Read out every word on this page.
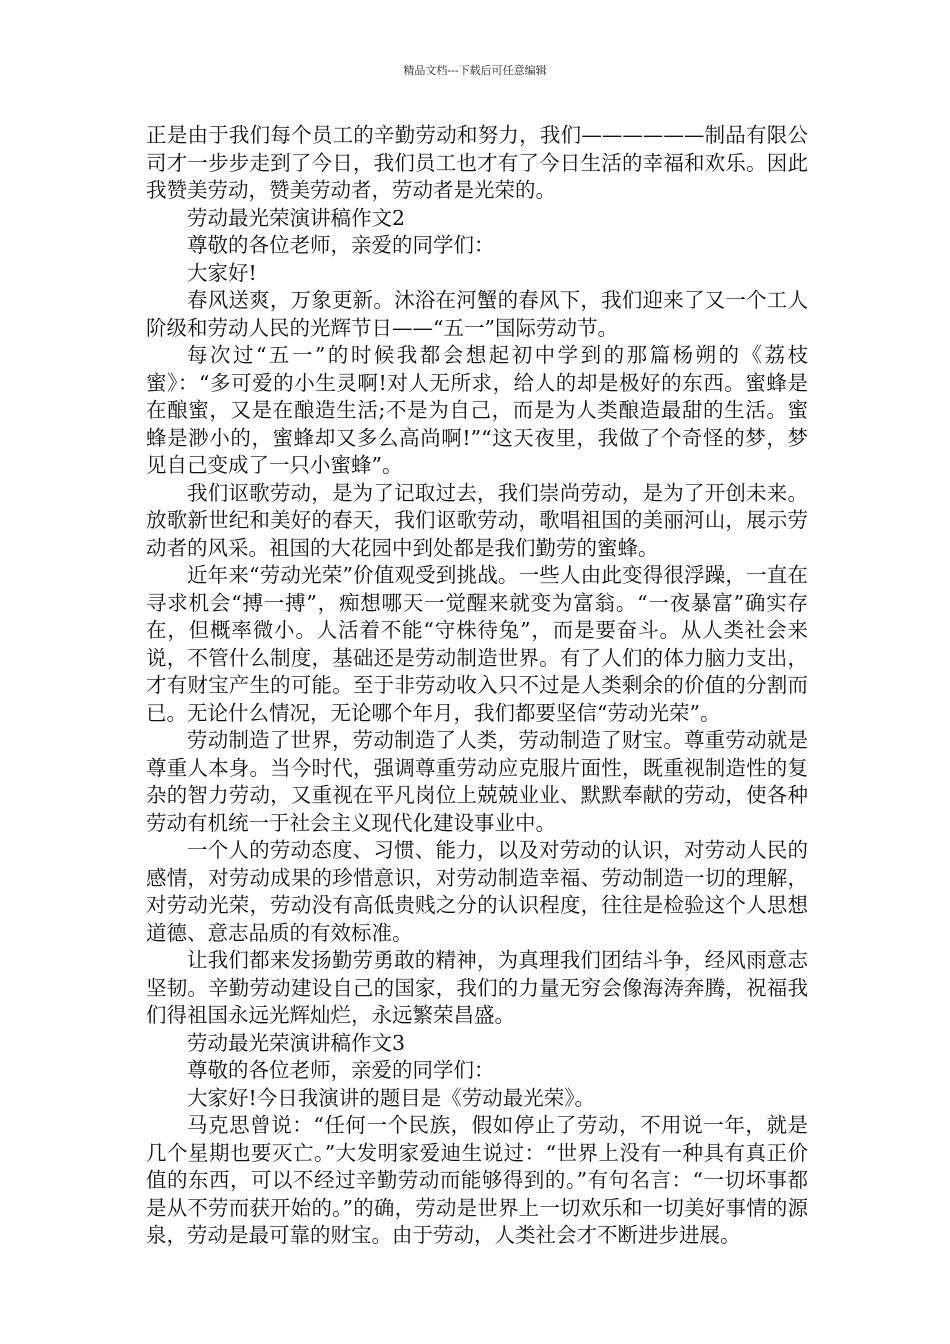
精品文档---下载后可任意编辑

正是由于我们每个员工的辛勤劳动和努力，我们——————制品有限公司才一步步走到了今日，我们员工也才有了今日生活的幸福和欢乐。因此我赞美劳动，赞美劳动者，劳动者是光荣的。

劳动最光荣演讲稿作文2

尊敬的各位老师，亲爱的同学们：

大家好!

春风送爽，万象更新。沐浴在河蟹的春风下，我们迎来了又一个工人阶级和劳动人民的光辉节日——“五一”国际劳动节。

每次过“五一”的时候我都会想起初中学到的那篇杨朔的《荔枝蜜》：“多可爱的小生灵啊!对人无所求，给人的却是极好的东西。蜜蜂是在酿蜜，又是在酿造生活;不是为自己，而是为人类酿造最甜的生活。蜜蜂是渺小的，蜜蜂却又多么高尚啊!”“这天夜里，我做了个奇怪的梦，梦见自己变成了一只小蜜蜂”。

我们讴歌劳动，是为了记取过去，我们崇尚劳动，是为了开创未来。放歌新世纪和美好的春天，我们讴歌劳动，歌唱祖国的美丽河山，展示劳动者的风采。祖国的大花园中到处都是我们勤劳的蜜蜂。

近年来“劳动光荣”价值观受到挑战。一些人由此变得很浮躁，一直在寻求机会“搏一搏”，痴想哪天一觉醒来就变为富翁。“一夜暴富”确实存在，但概率微小。人活着不能“守株待兔”，而是要奋斗。从人类社会来说，不管什么制度，基础还是劳动制造世界。有了人们的体力脑力支出，才有财宝产生的可能。至于非劳动收入只不过是人类剩余的价值的分割而已。无论什么情况，无论哪个年月，我们都要坚信“劳动光荣”。

劳动制造了世界，劳动制造了人类，劳动制造了财宝。尊重劳动就是尊重人本身。当今时代，强调尊重劳动应克服片面性，既重视制造性的复杂的智力劳动，又重视在平凡岗位上兢兢业业、默默奉献的劳动，使各种劳动有机统一于社会主义现代化建设事业中。

一个人的劳动态度、习惯、能力，以及对劳动的认识，对劳动人民的感情，对劳动成果的珍惜意识，对劳动制造幸福、劳动制造一切的理解，对劳动光荣，劳动没有高低贵贱之分的认识程度，往往是检验这个人思想道德、意志品质的有效标准。

让我们都来发扬勤劳勇敢的精神，为真理我们团结斗争，经风雨意志坚韧。辛勤劳动建设自己的国家，我们的力量无穷会像海涛奔腾，祝福我们得祖国永远光辉灿烂，永远繁荣昌盛。

劳动最光荣演讲稿作文3

尊敬的各位老师，亲爱的同学们：

大家好!今日我演讲的题目是《劳动最光荣》。

马克思曾说：“任何一个民族，假如停止了劳动，不用说一年，就是几个星期也要灭亡。”大发明家爱迪生说过：“世界上没有一种具有真正价值的东西，可以不经过辛勤劳动而能够得到的。”有句名言：“一切坏事都是从不劳而获开始的。”的确，劳动是世界上一切欢乐和一切美好事情的源泉，劳动是最可靠的财宝。由于劳动，人类社会才不断进步进展。
